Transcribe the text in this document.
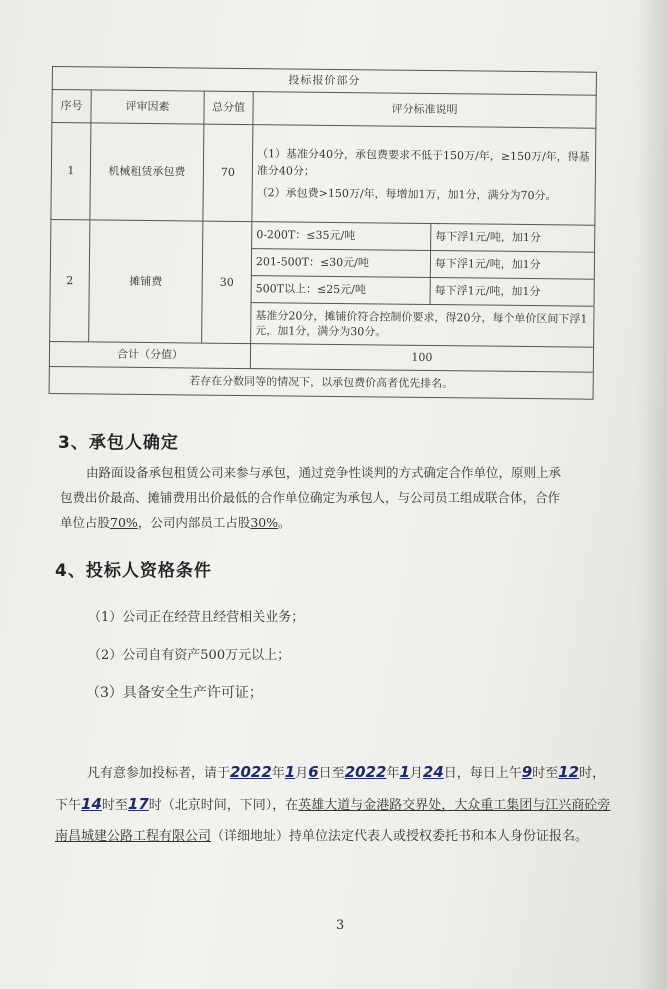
投标报价部分				
序号	评审因素	总分值	评分标准说明	
1	机械租赁承包费	70	（1）基准分40分，承包费要求不低于150万/年，≥150万/年，得基准分40分；
（2）承包费>150万/年，每增加1万，加1分，满分为70分。	

2	摊铺费	30	0-200T：≤35元/吨	每下浮1元/吨，加1分
			201-500T：≤30元/吨	每下浮1元/吨，加1分
			500T以上：≤25元/吨	每下浮1元/吨，加1分
			基准分20分，摊铺价符合控制价要求，得20分，每个单价区间下浮1元，加1分，满分为30分。	
合计（分值）			100	
若存在分数同等的情况下，以承包费价高者优先排名。				
3、承包人确定
由路面设备承包租赁公司来参与承包，通过竞争性谈判的方式确定合作单位，原则上承包费出价最高、摊铺费用出价最低的合作单位确定为承包人，与公司员工组成联合体，合作单位占股70%，公司内部员工占股30%。
4、投标人资格条件
（1）公司正在经营且经营相关业务；
（2）公司自有资产500万元以上；
（3）具备安全生产许可证；
凡有意参加投标者，请于2022年1月6日至2022年1月24日，每日上午9时至12时，下午14时至17时（北京时间，下同），在英雄大道与金港路交界处，大众重工集团与江兴商砼旁南昌城建公路工程有限公司（详细地址）持单位法定代表人或授权委托书和本人身份证报名。
3
